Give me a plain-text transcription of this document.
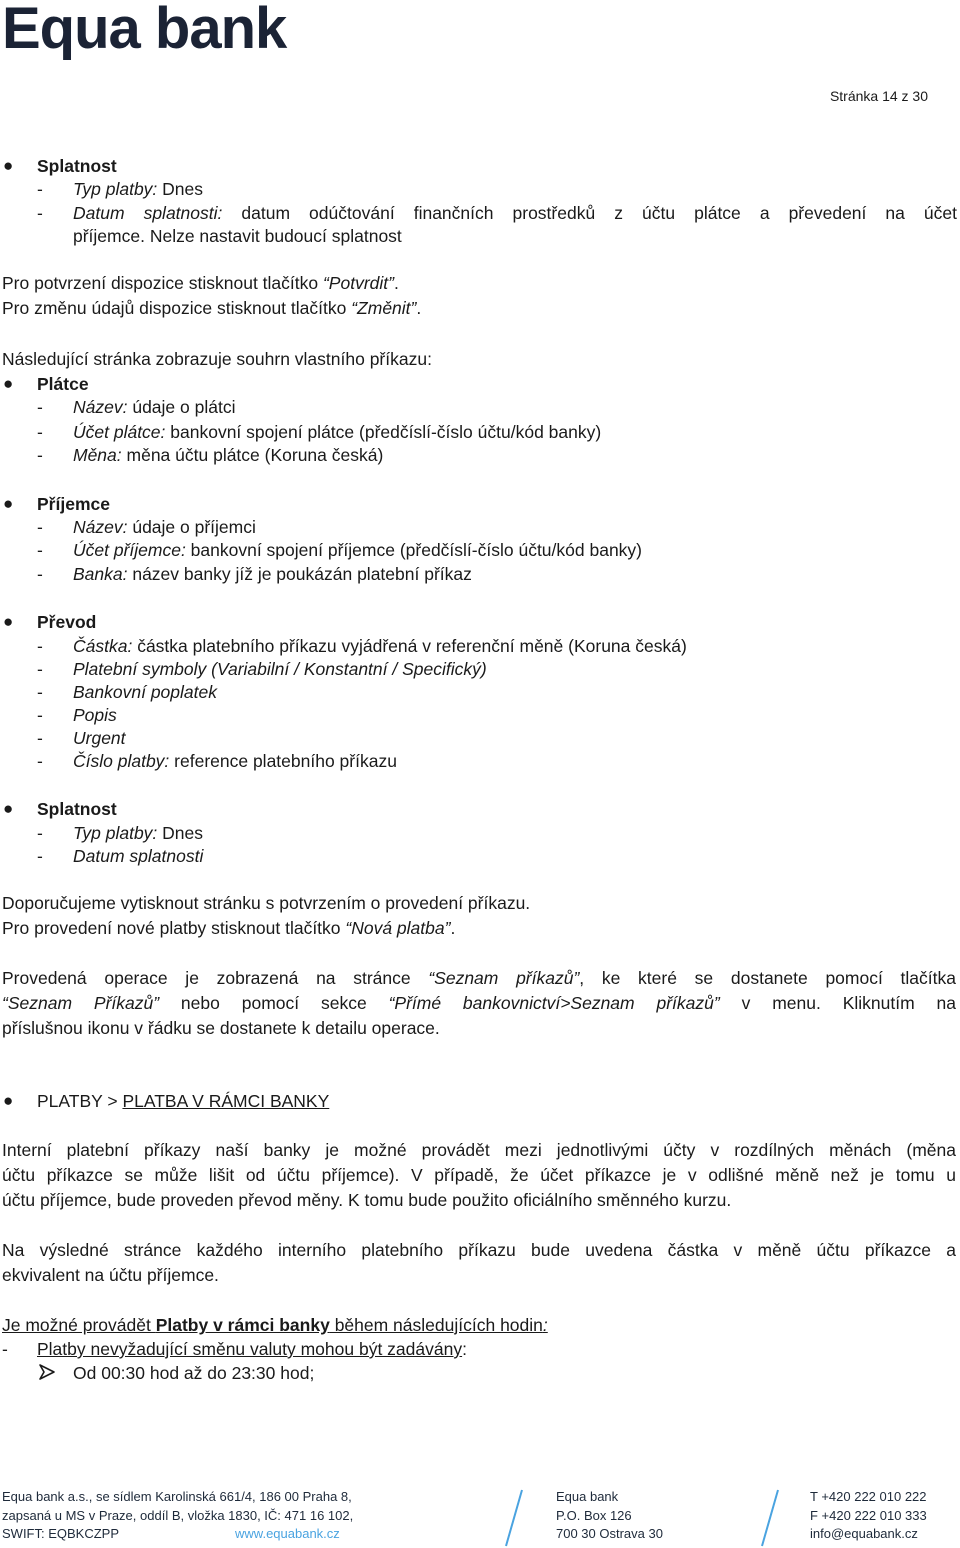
Equa bank
Stránka 14 z 30
● Splatnost
- Typ platby: Dnes
- Datum splatnosti: datum odúčtování finančních prostředků z účtu plátce a převedení na účet
příjemce. Nelze nastavit budoucí splatnost
Pro potvrzení dispozice stisknout tlačítko “Potvrdit”.
Pro změnu údajů dispozice stisknout tlačítko “Změnit”.
Následující stránka zobrazuje souhrn vlastního příkazu:
● Plátce
- Název: údaje o plátci
- Účet plátce: bankovní spojení plátce (předčíslí-číslo účtu/kód banky)
- Měna: měna účtu plátce (Koruna česká)
● Příjemce
- Název: údaje o příjemci
- Účet příjemce: bankovní spojení příjemce (předčíslí-číslo účtu/kód banky)
- Banka: název banky jíž je poukázán platební příkaz
● Převod
- Částka: částka platebního příkazu vyjádřená v referenční měně (Koruna česká)
- Platební symboly (Variabilní / Konstantní / Specifický)
- Bankovní poplatek
- Popis
- Urgent
- Číslo platby: reference platebního příkazu
● Splatnost
- Typ platby: Dnes
- Datum splatnosti
Doporučujeme vytisknout stránku s potvrzením o provedení příkazu.
Pro provedení nové platby stisknout tlačítko “Nová platba”.
Provedená operace je zobrazená na stránce “Seznam příkazů”, ke které se dostanete pomocí tlačítka
“Seznam Příkazů” nebo pomocí sekce “Přímé bankovnictví>Seznam příkazů” v menu. Kliknutím na
příslušnou ikonu v řádku se dostanete k detailu operace.
● PLATBY > PLATBA V RÁMCI BANKY
Interní platební příkazy naší banky je možné provádět mezi jednotlivými účty v rozdílných měnách (měna
účtu příkazce se může lišit od účtu příjemce). V případě, že účet příkazce je v odlišné měně než je tomu u
účtu příjemce, bude proveden převod měny. K tomu bude použito oficiálního směnného kurzu.
Na výsledné stránce každého interního platebního příkazu bude uvedena částka v měně účtu příkazce a
ekvivalent na účtu příjemce.
Je možné provádět Platby v rámci banky během následujících hodin:
- Platby nevyžadující směnu valuty mohou být zadávány:
Od 00:30 hod až do 23:30 hod;
Equa bank a.s., se sídlem Karolinská 661/4, 186 00 Praha 8,
zapsaná u MS v Praze, oddíl B, vložka 1830, IČ: 471 16 102,
SWIFT: EQBKCZPP	www.equabank.cz
Equa bank
P.O. Box 126
700 30 Ostrava 30
T +420 222 010 222
F +420 222 010 333
info@equabank.cz
